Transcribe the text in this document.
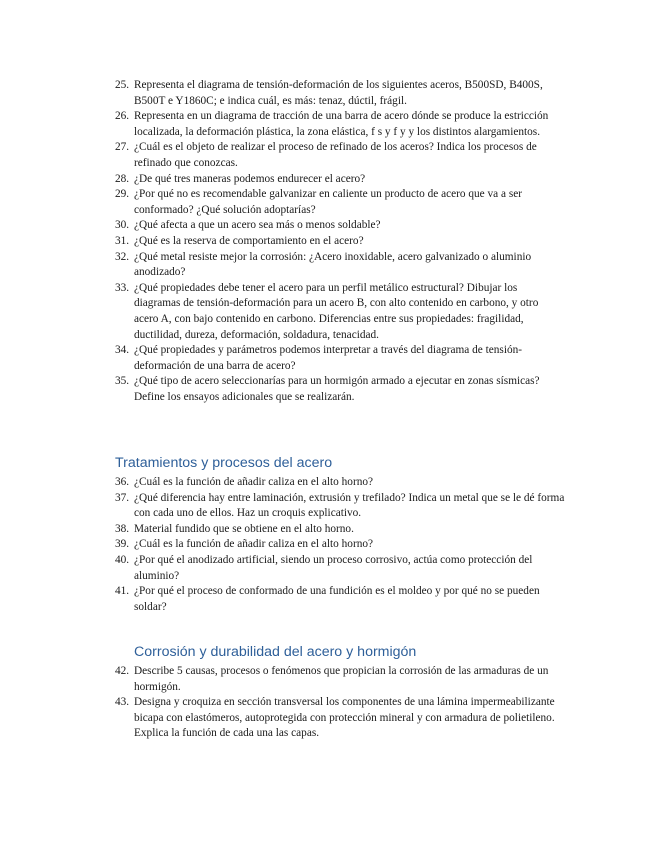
25. Representa el diagrama de tensión-deformación de los siguientes aceros, B500SD, B400S, B500T e Y1860C; e indica cuál, es más: tenaz, dúctil, frágil.
26. Representa en un diagrama de tracción de una barra de acero dónde se produce la estricción localizada, la deformación plástica, la zona elástica, f s y f y y los distintos alargamientos.
27. ¿Cuál es el objeto de realizar el proceso de refinado de los aceros? Indica los procesos de refinado que conozcas.
28. ¿De qué tres maneras podemos endurecer el acero?
29. ¿Por qué no es recomendable galvanizar en caliente un producto de acero que va a ser conformado? ¿Qué solución adoptarías?
30. ¿Qué afecta a que un acero sea más o menos soldable?
31. ¿Qué es la reserva de comportamiento en el acero?
32. ¿Qué metal resiste mejor la corrosión: ¿Acero inoxidable, acero galvanizado o aluminio anodizado?
33. ¿Qué propiedades debe tener el acero para un perfil metálico estructural? Dibujar los diagramas de tensión-deformación para un acero B, con alto contenido en carbono, y otro acero A, con bajo contenido en carbono. Diferencias entre sus propiedades: fragilidad, ductilidad, dureza, deformación, soldadura, tenacidad.
34. ¿Qué propiedades y parámetros podemos interpretar a través del diagrama de tensión-deformación de una barra de acero?
35. ¿Qué tipo de acero seleccionarías para un hormigón armado a ejecutar en zonas sísmicas? Define los ensayos adicionales que se realizarán.
Tratamientos y procesos del acero
36. ¿Cuál es la función de añadir caliza en el alto horno?
37. ¿Qué diferencia hay entre laminación, extrusión y trefilado? Indica un metal que se le dé forma con cada uno de ellos. Haz un croquis explicativo.
38. Material fundido que se obtiene en el alto horno.
39. ¿Cuál es la función de añadir caliza en el alto horno?
40. ¿Por qué el anodizado artificial, siendo un proceso corrosivo, actúa como protección del aluminio?
41. ¿Por qué el proceso de conformado de una fundición es el moldeo y por qué no se pueden soldar?
Corrosión y durabilidad del acero y hormigón
42. Describe 5 causas, procesos o fenómenos que propician la corrosión de las armaduras de un hormigón.
43. Designa y croquiza en sección transversal los componentes de una lámina impermeabilizante bicapa con elastómeros, autoprotegida con protección mineral y con armadura de polietileno. Explica la función de cada una las capas.
